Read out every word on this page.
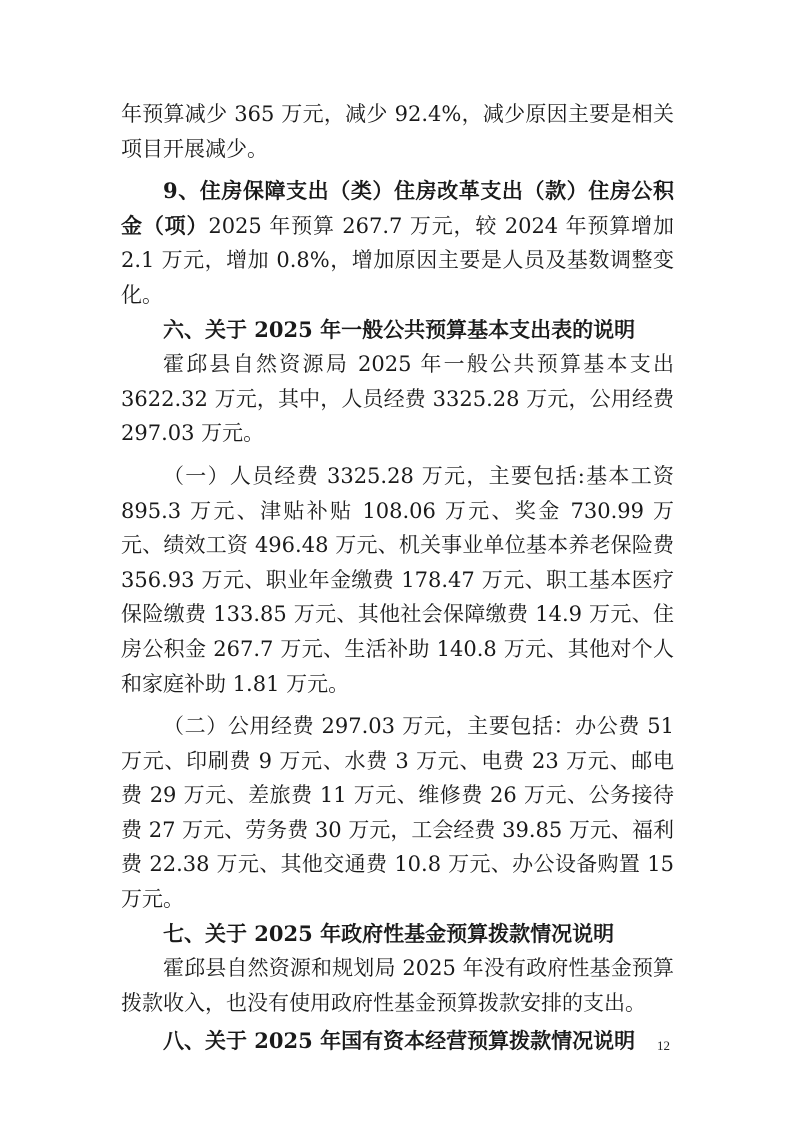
年预算减少 365 万元，减少 92.4%，减少原因主要是相关项目开展减少。

9、住房保障支出（类）住房改革支出（款）住房公积金（项）2025 年预算 267.7 万元，较 2024 年预算增加 2.1 万元，增加 0.8%，增加原因主要是人员及基数调整变化。

六、关于 2025 年一般公共预算基本支出表的说明

霍邱县自然资源局 2025 年一般公共预算基本支出 3622.32 万元，其中，人员经费 3325.28 万元，公用经费 297.03 万元。

（一）人员经费 3325.28 万元，主要包括:基本工资 895.3 万元、津贴补贴 108.06 万元、奖金 730.99 万元、绩效工资 496.48 万元、机关事业单位基本养老保险费 356.93 万元、职业年金缴费 178.47 万元、职工基本医疗保险缴费 133.85 万元、其他社会保障缴费 14.9 万元、住房公积金 267.7 万元、生活补助 140.8 万元、其他对个人和家庭补助 1.81 万元。

（二）公用经费 297.03 万元，主要包括：办公费 51 万元、印刷费 9 万元、水费 3 万元、电费 23 万元、邮电费 29 万元、差旅费 11 万元、维修费 26 万元、公务接待费 27 万元、劳务费 30 万元，工会经费 39.85 万元、福利费 22.38 万元、其他交通费 10.8 万元、办公设备购置 15 万元。

七、关于 2025 年政府性基金预算拨款情况说明

霍邱县自然资源和规划局 2025 年没有政府性基金预算拨款收入，也没有使用政府性基金预算拨款安排的支出。

八、关于 2025 年国有资本经营预算拨款情况说明	12
